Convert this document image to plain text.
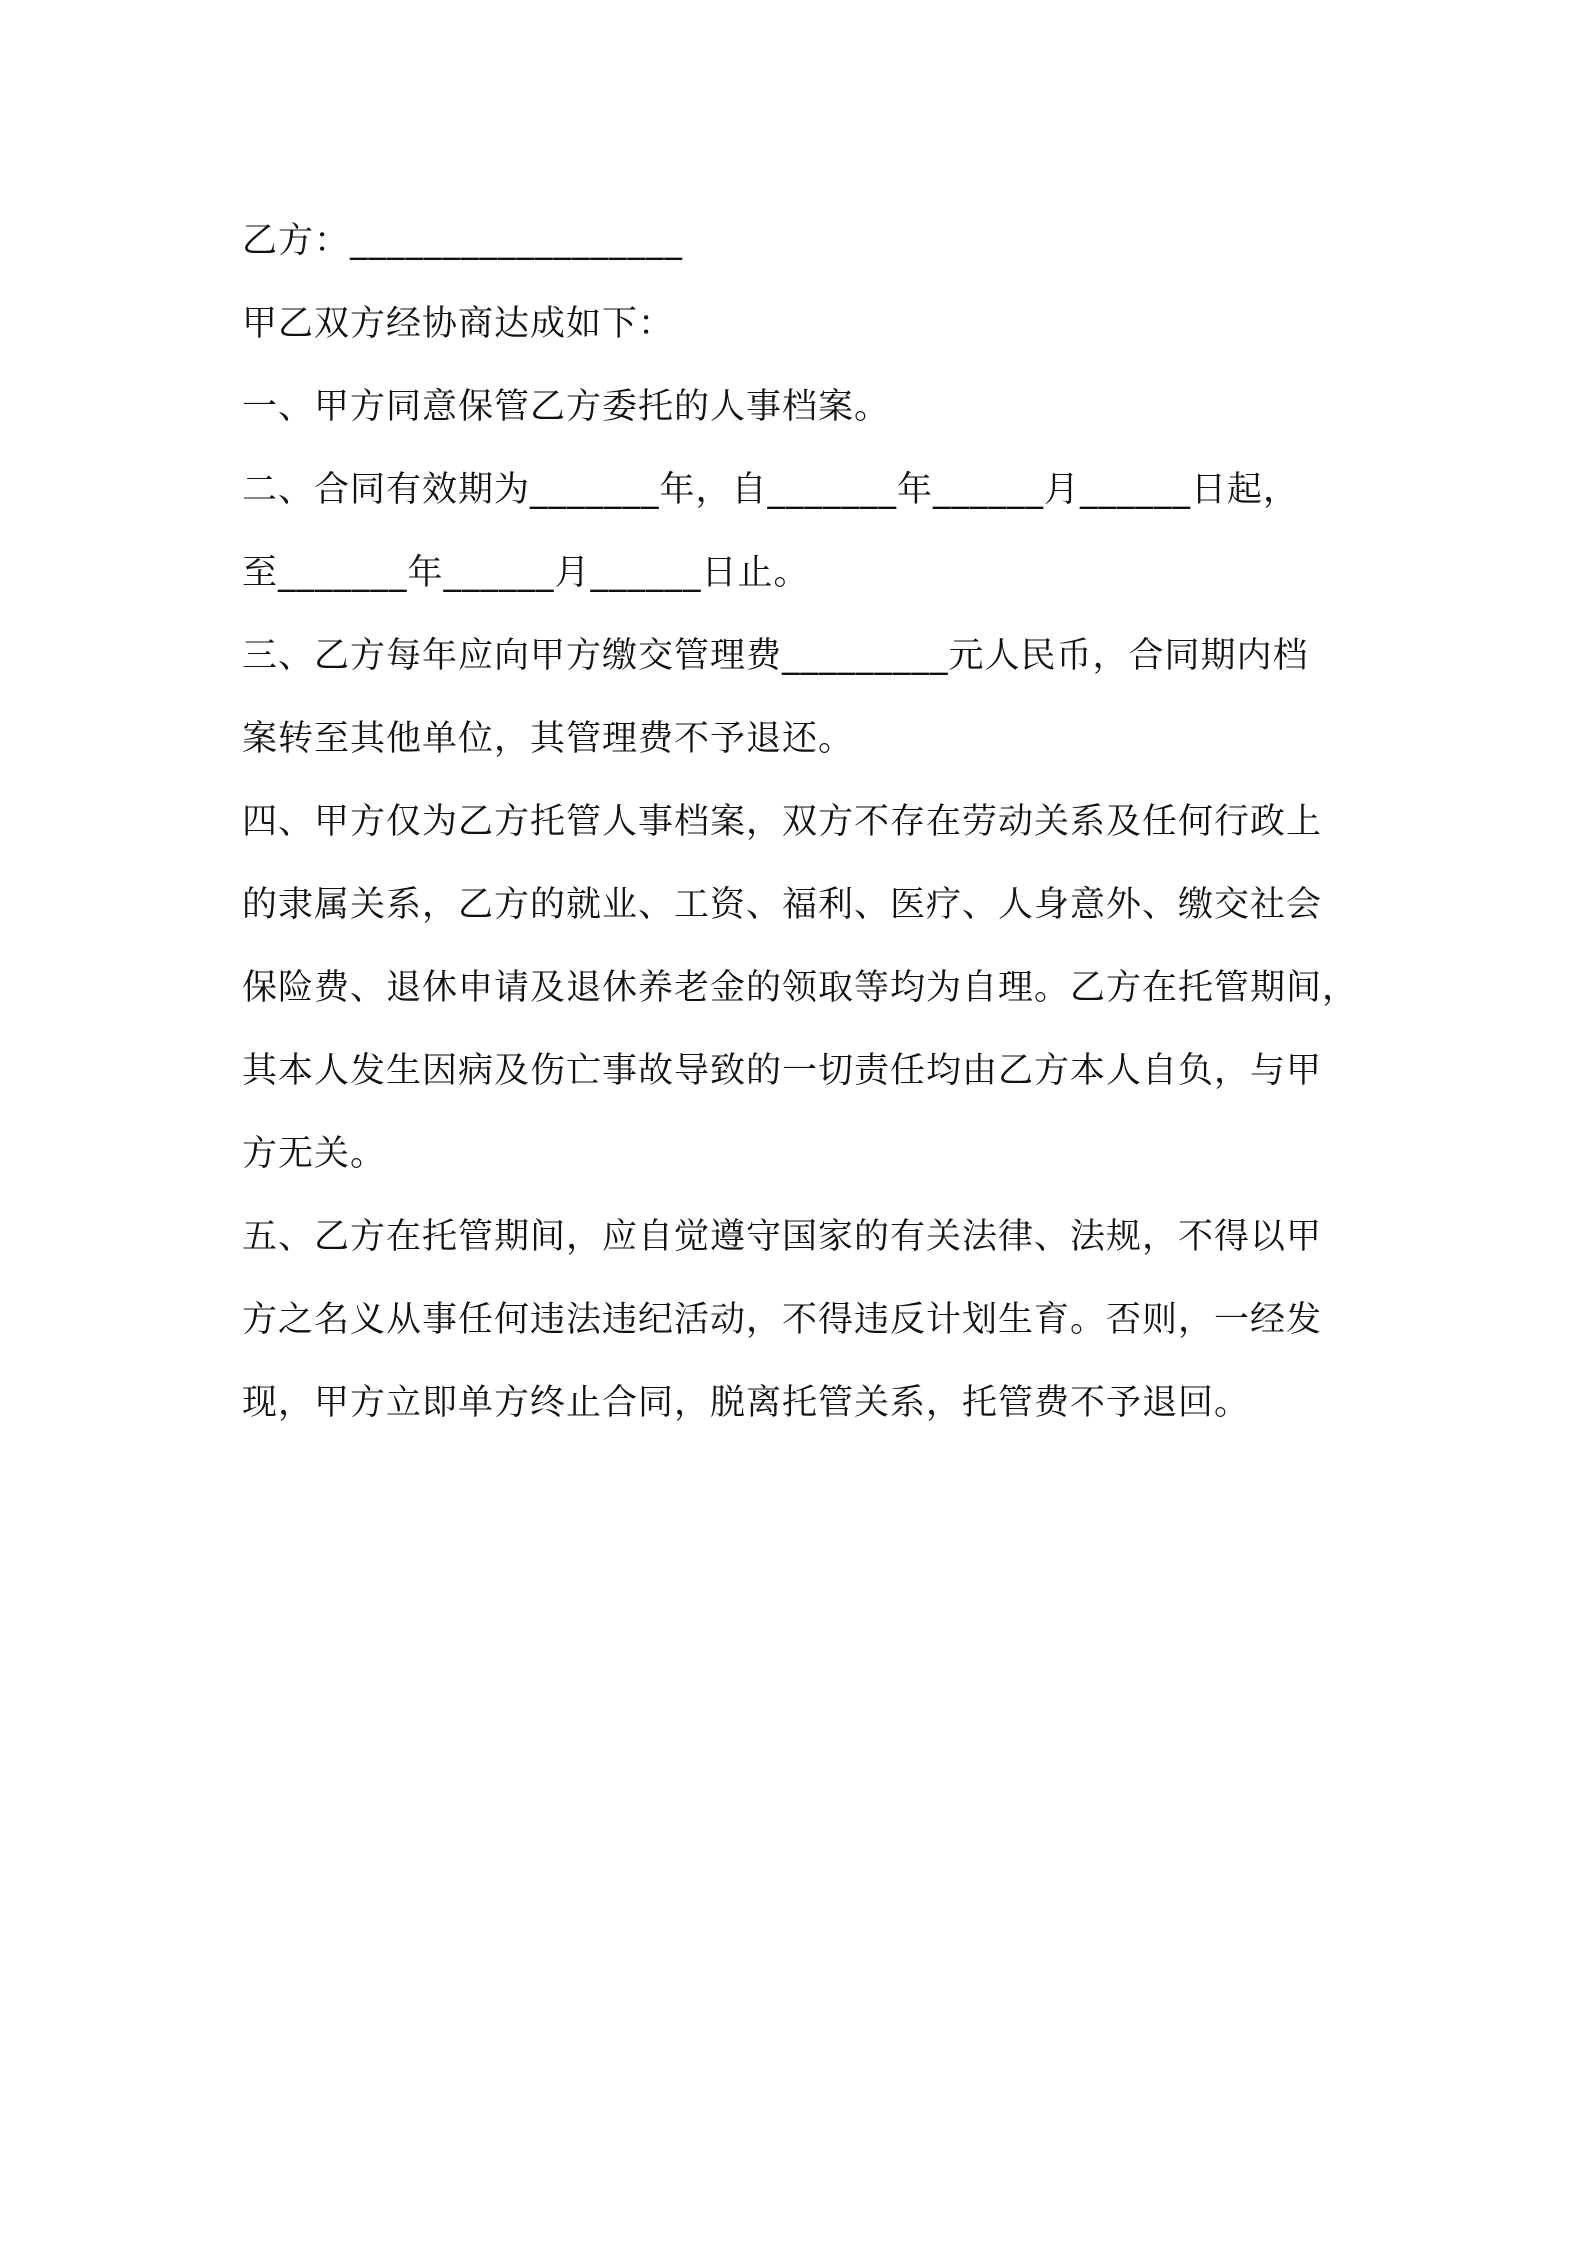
乙方：__________________
甲乙双方经协商达成如下：
一、甲方同意保管乙方委托的人事档案。
二、合同有效期为_______年，自_______年______月______日起，
至_______年______月______日止。
三、乙方每年应向甲方缴交管理费_________元人民币，合同期内档
案转至其他单位，其管理费不予退还。
四、甲方仅为乙方托管人事档案，双方不存在劳动关系及任何行政上
的隶属关系，乙方的就业、工资、福利、医疗、人身意外、缴交社会
保险费、退休申请及退休养老金的领取等均为自理。乙方在托管期间，
其本人发生因病及伤亡事故导致的一切责任均由乙方本人自负，与甲
方无关。
五、乙方在托管期间，应自觉遵守国家的有关法律、法规，不得以甲
方之名义从事任何违法违纪活动，不得违反计划生育。否则，一经发
现，甲方立即单方终止合同，脱离托管关系，托管费不予退回。
